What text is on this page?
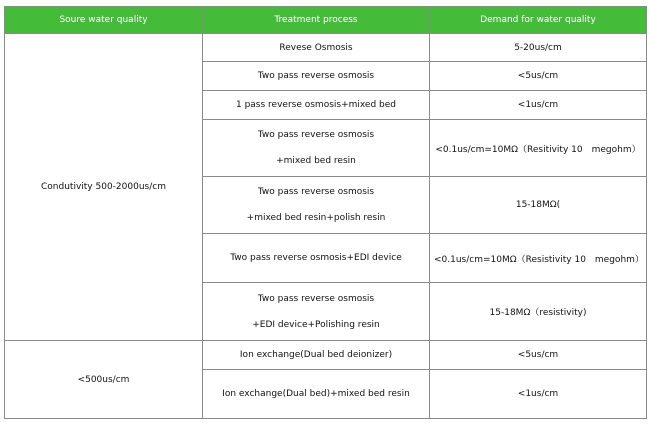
Soure water quality	Treatment process	Demand for water quality
Condutivity 500-2000us/cm	Revese Osmosis	5-20us/cm
	Two pass reverse osmosis	<5us/cm
	1 pass reverse osmosis+mixed bed	<1us/cm

	Two pass reverse osmosis
+mixed bed resin	<0.1us/cm=10MΩ（Resitivity 10　megohm）

	Two pass reverse osmosis
+mixed bed resin+polish resin	15-18MΩ(
	Two pass reverse osmosis+EDI device	<0.1us/cm=10MΩ（Resistivity 10　megohm）

	Two pass reverse osmosis
+EDI device+Polishing resin	15-18MΩ（resistivity)
<500us/cm	Ion exchange(Dual bed deionizer)	<5us/cm
	Ion exchange(Dual bed)+mixed bed resin	<1us/cm
